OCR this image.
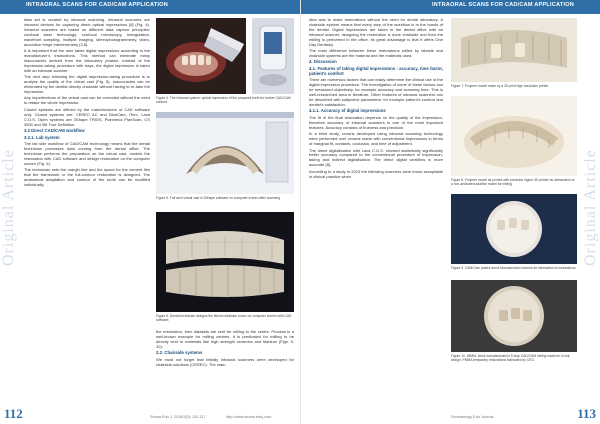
INTRAORAL SCANS FOR CAD/CAM APPLICATION
Original Article

data set is created by intraoral scanning. Intraoral scanners are intraoral devices for capturing direct optical impressions [8] (Fig. 4). Intraoral scanners are based on different data capture principles: confocal laser technology, confocal microscopy, triangulation, wavefront sampling, multiple imaging, stereophotogrammetry, video, accordion fringe interferometry [3,8].

It is important that the user takes digital impressions according to the manufacturer's instructions. This method can eliminate many inaccuracies derived from the laboratory phases. Instead of the impression-taking procedure with trays, the digital impression is taken with an intraoral scanner.

The next step following the digital impression-taking procedure is to analyse the quality of the virtual cast (Fig. 5). Inaccuracies can be eliminated by the dentist directly chairside without having to re-take the impression.

Any imperfections of the virtual cast can be corrected without the need to retake the whole impression.

Closed systems are offered by the manufacturers of CAD software only. Closed systems are: CEREC AC and BlueCam, iTero, Lava C.O.S. Open systems are 3Shape TRIOS, Planmeca PlanScan, CS 3500 and 3M True Definition.

3.2 Direct CAD/CAM workflow

3.2.1. Lab system

The lab side workflow of CAD/CAM technology means that the dental technician processes data coming from the dental office. The technician performs the preparation on the virtual cast, models the restoration with CAD software and design restoration on the computer screen (Fig. 6).

The technician sets the margin line and the space for the cement film that the framework or the full-contour restoration is designed. The anatomical adaptation and contour of the tooth can be modified individually.

Figure 4. The intraoral system: optical impression of the prepared teeth for further CAD/CAM method.
Figure 5. Full arch virtual cast in 3Shape software on computer screen after scanning.
Figure 6. Dental technician designs the lithium disilicate crown on computer screen with CAD software.

the restoration, then datasets are sent for milling to the centre. Process is a well-known example for milling centres. It is predicated for milling to be directly sent to materials like high strength ceramics and titanium (Figs. 9, 10).

2.2. Chairside systems

We must not forget that initially intraoral scanners were developed for chairside solutions (CEREC). The main

112	Stoma Edu J. 2018;5(2): 110-117	http://www.stoma.eduj.com
INTRAORAL SCANS FOR CAD/CAM APPLICATION
Original Article

idea was to make restorations without the need for dental laboratory. A chairside system means that every step of the workflow is in the hands of the dentist. Digital impressions are taken in the dental office with an intraoral scanner, designing the restoration is done chairside and then the milling is performed in the office. Its great advantage is that it offers One Day Dentistry.

The main difference between these restorations milled by labside and chairside systems are the material and the materials used.

4. Discussion

4.1. Features of taking digital impressions - accuracy, time factor, patient's comfort

There are numerous factors that can easily determine the clinical use of the digital impression procedure. The investigation of some of these factors can be measured objectively, for example accuracy and scanning time. This is well-researched area in literature. Other features of intraoral scanners can be described with subjective parameters: for example patient's comfort and dentist's satisfaction.

4.1.1. Accuracy of digital impressions

The fit of the final restoration depends on the quality of the impression, therefore accuracy of intraoral scanners is one of the most important features. Accuracy consists of trueness and precision.

In a blind study, crowns developed using intraoral scanning technology were performed over crowns made with conventional impressions in terms of marginal fit, contacts, occlusion, and time of adjustment.

The direct digitalisation with Lava C.O.S. showed statistically significantly better accuracy compared to the conventional procedure of impression-taking and indirect digitalisation. The direct digital workflow is more accurate [8].

According to a study in 2013 the following scanners were found acceptable in clinical practice when

Figure 7. Polymer model made by a 3D print high resolution printer.
Figure 8. Polymer model as printed with precision higher 3D printer as demanded rot a non-dedicated additive model for milling.
Figure 9. CAM/Cam patent and a Manufactured zirconia for fabrication of restorations.
Figure 10. IMMM, block manufactured in 5 step CAD/CAM milling machine. A mill-design: PMMA temporary restorations fabricated by CEO.
Stomatology Edu Journal	113
